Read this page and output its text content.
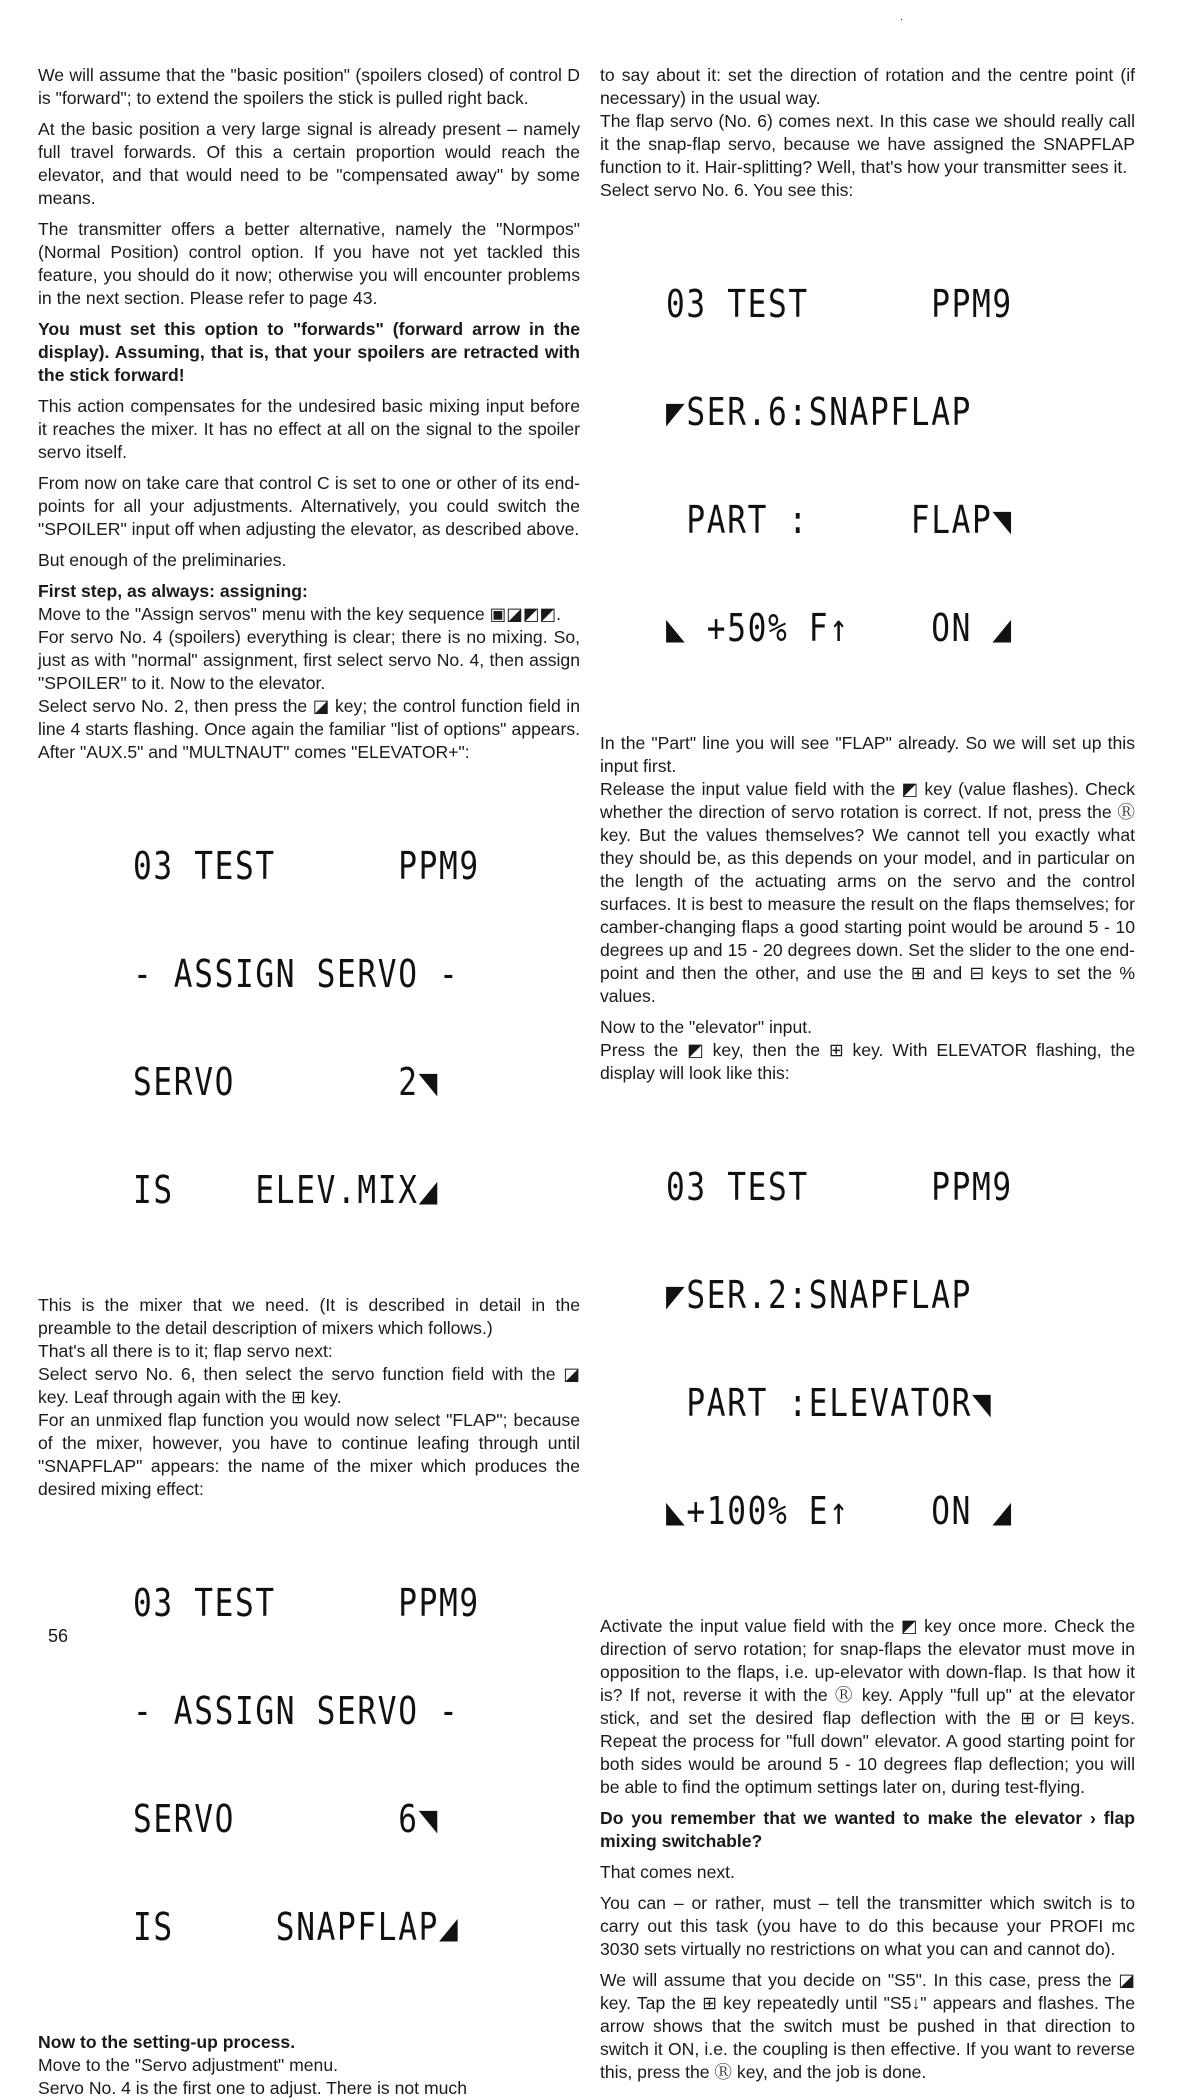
·

We will assume that the "basic position" (spoilers closed) of control D is "forward"; to extend the spoilers the stick is pulled right back.

At the basic position a very large signal is already present – namely full travel forwards. Of this a certain proportion would reach the elevator, and that would need to be "compensated away" by some means.

The transmitter offers a better alternative, namely the "Normpos" (Normal Position) control option. If you have not yet tackled this feature, you should do it now; otherwise you will encounter problems in the next section. Please refer to page 43.

You must set this option to "forwards" (forward arrow in the display). Assuming, that is, that your spoilers are retracted with the stick forward!

This action compensates for the undesired basic mixing input before it reaches the mixer. It has no effect at all on the signal to the spoiler servo itself.

From now on take care that control C is set to one or other of its end-points for all your adjustments. Alternatively, you could switch the "SPOILER" input off when adjusting the elevator, as described above.

But enough of the preliminaries.

First step, as always: assigning:

Move to the "Assign servos" menu with the key sequence ▣◪◩◩.

For servo No. 4 (spoilers) everything is clear; there is no mixing. So, just as with "normal" assignment, first select servo No. 4, then assign "SPOILER" to it. Now to the elevator.

Select servo No. 2, then press the ◪ key; the control function field in line 4 starts flashing. Once again the familiar "list of options" appears. After "AUX.5" and "MULTNAUT" comes "ELEVATOR+":

03 TEST      PPM9

- ASSIGN SERVO -

SERVO        2◥

IS    ELEV.MIX◢

This is the mixer that we need. (It is described in detail in the preamble to the detail description of mixers which follows.)

That's all there is to it; flap servo next:

Select servo No. 6, then select the servo function field with the ◪ key. Leaf through again with the ⊞ key.

For an unmixed flap function you would now select "FLAP"; because of the mixer, however, you have to continue leafing through until "SNAPFLAP" appears: the name of the mixer which produces the desired mixing effect:

03 TEST      PPM9

- ASSIGN SERVO -

SERVO        6◥

IS     SNAPFLAP◢

Now to the setting-up process.

Move to the "Servo adjustment" menu.

Servo No. 4 is the first one to adjust. There is not much

to say about it: set the direction of rotation and the centre point (if necessary) in the usual way.

The flap servo (No. 6) comes next. In this case we should really call it the snap-flap servo, because we have assigned the SNAPFLAP function to it. Hair-splitting? Well, that's how your transmitter sees it.

Select servo No. 6. You see this:

03 TEST      PPM9

◤SER.6:SNAPFLAP

PART :     FLAP◥

◣ +50% F↑    ON ◢

In the "Part" line you will see "FLAP" already. So we will set up this input first.

Release the input value field with the ◩ key (value flashes). Check whether the direction of servo rotation is correct. If not, press the Ⓡ key. But the values themselves? We cannot tell you exactly what they should be, as this depends on your model, and in particular on the length of the actuating arms on the servo and the control surfaces. It is best to measure the result on the flaps themselves; for camber-changing flaps a good starting point would be around 5 - 10 degrees up and 15 - 20 degrees down. Set the slider to the one end-point and then the other, and use the ⊞ and ⊟ keys to set the % values.

Now to the "elevator" input.

Press the ◩ key, then the ⊞ key. With ELEVATOR flashing, the display will look like this:

03 TEST      PPM9

◤SER.2:SNAPFLAP

PART :ELEVATOR◥

◣+100% E↑    ON ◢

Activate the input value field with the ◩ key once more. Check the direction of servo rotation; for snap-flaps the elevator must move in opposition to the flaps, i.e. up-elevator with down-flap. Is that how it is? If not, reverse it with the Ⓡ key. Apply "full up" at the elevator stick, and set the desired flap deflection with the ⊞ or ⊟ keys. Repeat the process for "full down" elevator. A good starting point for both sides would be around 5 - 10 degrees flap deflection; you will be able to find the optimum settings later on, during test-flying.

Do you remember that we wanted to make the elevator › flap mixing switchable?

That comes next.

You can – or rather, must – tell the transmitter which switch is to carry out this task (you have to do this because your PROFI mc 3030 sets virtually no restrictions on what you can and cannot do).

We will assume that you decide on "S5". In this case, press the ◪ key. Tap the ⊞ key repeatedly until "S5↓" appears and flashes. The arrow shows that the switch must be pushed in that direction to switch it ON, i.e. the coupling is then effective. If you want to reverse this, press the Ⓡ key, and the job is done.

56
